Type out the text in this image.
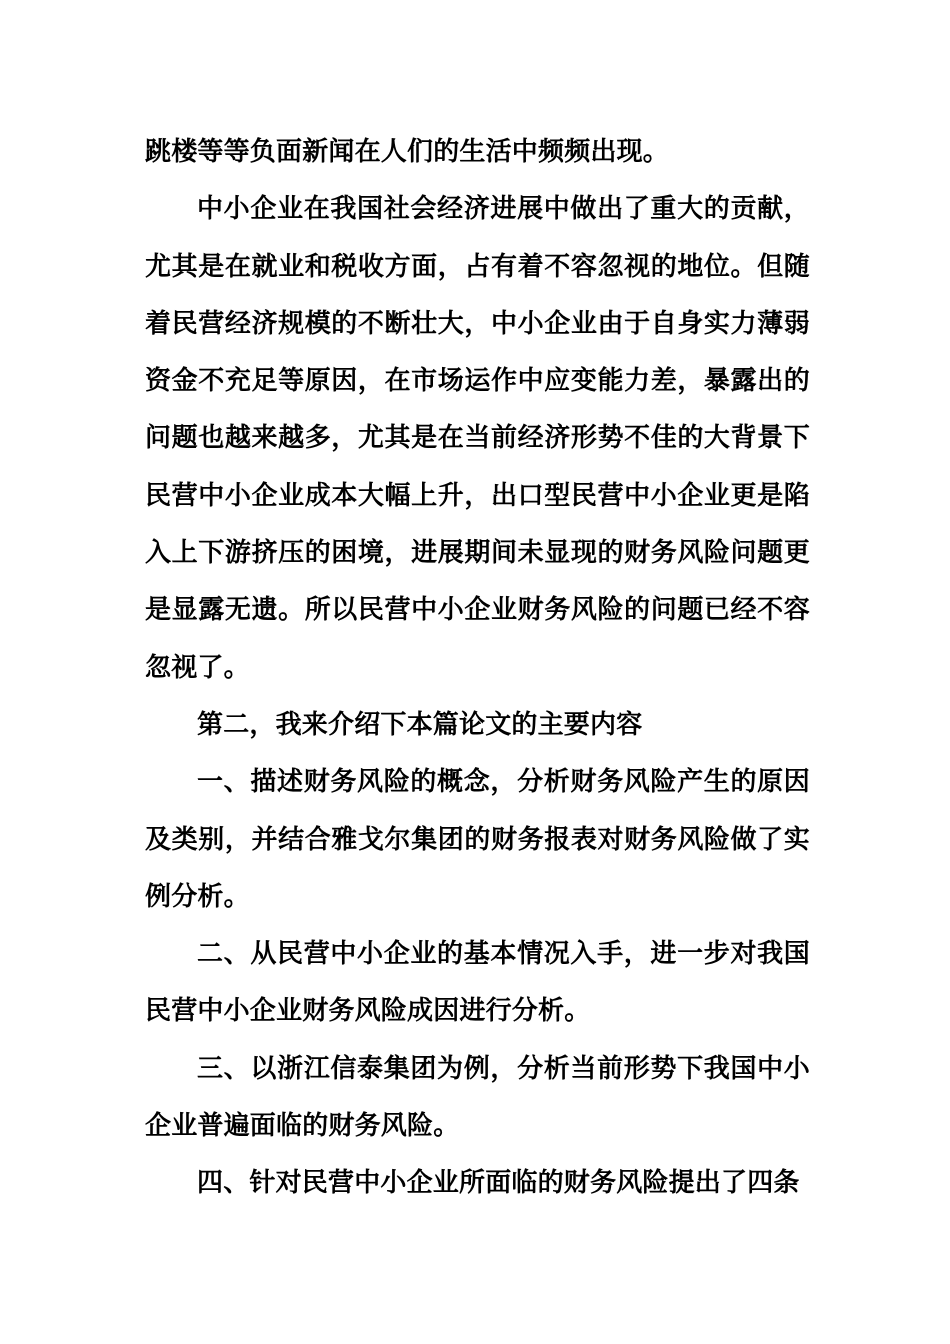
跳楼等等负面新闻在人们的生活中频频出现。

中小企业在我国社会经济进展中做出了重大的贡献，尤其是在就业和税收方面，占有着不容忽视的地位。但随着民营经济规模的不断壮大，中小企业由于自身实力薄弱资金不充足等原因，在市场运作中应变能力差，暴露出的问题也越来越多，尤其是在当前经济形势不佳的大背景下民营中小企业成本大幅上升，出口型民营中小企业更是陷入上下游挤压的困境，进展期间未显现的财务风险问题更是显露无遗。所以民营中小企业财务风险的问题已经不容忽视了。

第二，我来介绍下本篇论文的主要内容

一、描述财务风险的概念，分析财务风险产生的原因及类别，并结合雅戈尔集团的财务报表对财务风险做了实例分析。

二、从民营中小企业的基本情况入手，进一步对我国民营中小企业财务风险成因进行分析。

三、以浙江信泰集团为例，分析当前形势下我国中小企业普遍面临的财务风险。

四、针对民营中小企业所面临的财务风险提出了四条
